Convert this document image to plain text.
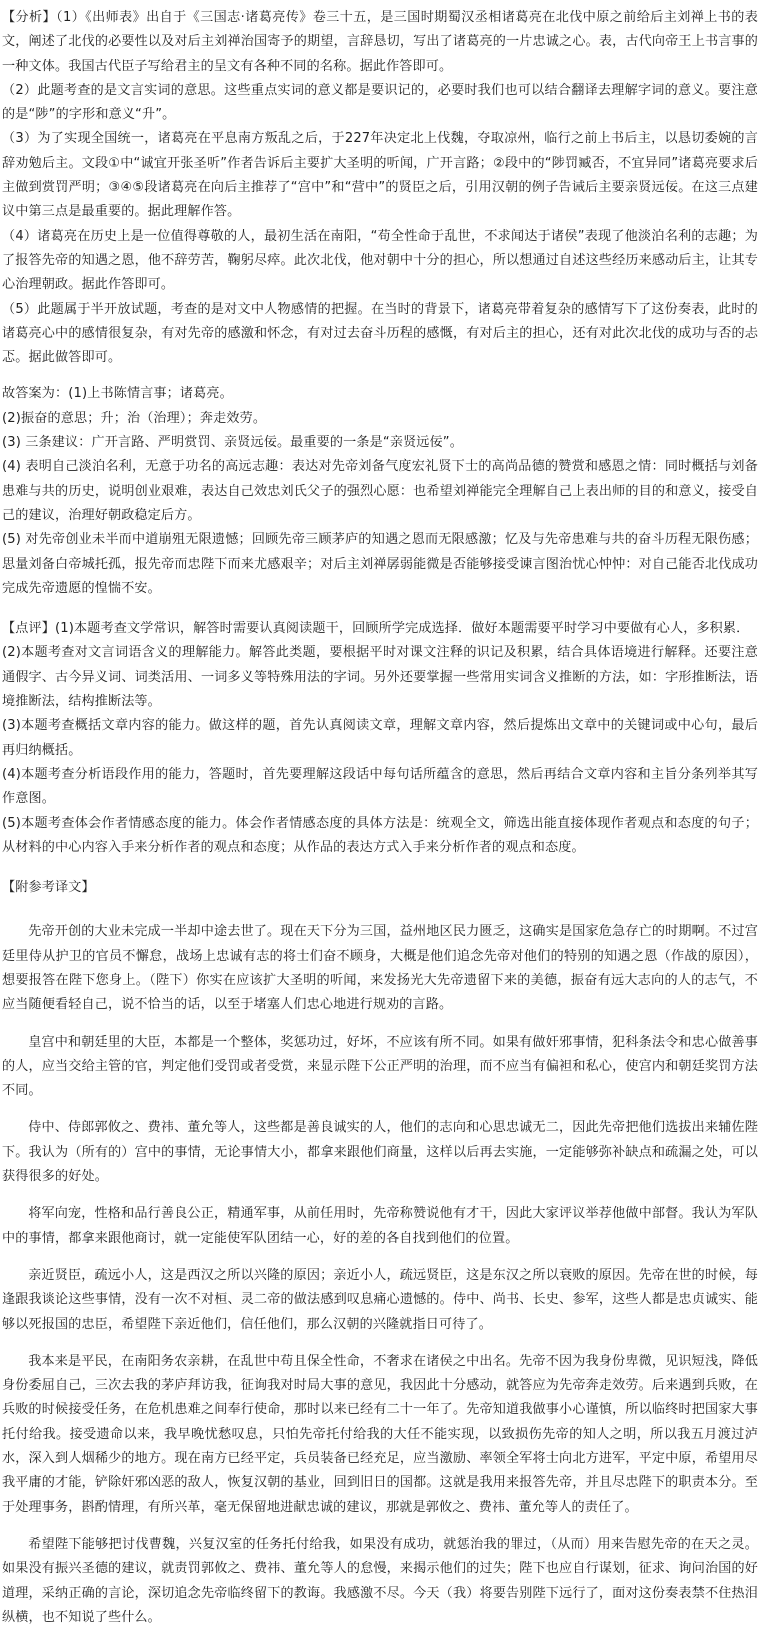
【分析】（1）《出师表》出自于《三国志·诸葛亮传》卷三十五，是三国时期蜀汉丞相诸葛亮在北伐中原之前给后主刘禅上书的表文，阐述了北伐的必要性以及对后主刘禅治国寄予的期望，言辞恳切，写出了诸葛亮的一片忠诚之心。表，古代向帝王上书言事的一种文体。我国古代臣子写给君主的呈文有各种不同的名称。据此作答即可。

（2）此题考查的是文言实词的意思。这些重点实词的意义都是要识记的，必要时我们也可以结合翻译去理解字词的意义。要注意的是“陟”的字形和意义“升”。

（3）为了实现全国统一，诸葛亮在平息南方叛乱之后，于227年决定北上伐魏，夺取凉州，临行之前上书后主，以恳切委婉的言辞劝勉后主。文段①中“诚宜开张圣听”作者告诉后主要扩大圣明的听闻，广开言路；②段中的“陟罚臧否，不宜异同”诸葛亮要求后主做到赏罚严明；③④⑤段诸葛亮在向后主推荐了“宫中”和“营中”的贤臣之后，引用汉朝的例子告诫后主要亲贤远佞。在这三点建议中第三点是最重要的。据此理解作答。

（4）诸葛亮在历史上是一位值得尊敬的人，最初生活在南阳，“苟全性命于乱世，不求闻达于诸侯”表现了他淡泊名利的志趣；为了报答先帝的知遇之恩，他不辞劳苦，鞠躬尽瘁。此次北伐，他对朝中十分的担心，所以想通过自述这些经历来感动后主，让其专心治理朝政。据此作答即可。

（5）此题属于半开放试题，考查的是对文中人物感情的把握。在当时的背景下，诸葛亮带着复杂的感情写下了这份奏表，此时的诸葛亮心中的感情很复杂，有对先帝的感激和怀念，有对过去奋斗历程的感慨，有对后主的担心，还有对此次北伐的成功与否的忐忑。据此做答即可。

故答案为：(1)上书陈情言事；诸葛亮。

(2)振奋的意思；升；治（治理）；奔走效劳。

(3) 三条建议：广开言路、严明赏罚、亲贤远佞。最重要的一条是“亲贤远佞”。

(4) 表明自己淡泊名利，无意于功名的高远志趣：表达对先帝刘备气度宏礼贤下士的高尚品德的赞赏和感恩之情：同时概括与刘备患难与共的历史，说明创业艰难，表达自己效忠刘氏父子的强烈心愿：也希望刘禅能完全理解自己上表出师的目的和意义，接受自己的建议，治理好朝政稳定后方。

(5) 对先帝创业未半而中道崩殂无限遗憾；回顾先帝三顾茅庐的知遇之恩而无限感激；忆及与先帝患难与共的奋斗历程无限伤感；思量刘备白帝城托孤，报先帝而忠陛下而来尤感艰辛；对后主刘禅孱弱能微是否能够接受谏言图治忧心忡忡：对自己能否北伐成功完成先帝遗愿的惶惴不安。

【点评】(1)本题考查文学常识，解答时需要认真阅读题干，回顾所学完成选择．做好本题需要平时学习中要做有心人，多积累．

(2)本题考查对文言词语含义的理解能力。解答此类题，要根据平时对课文注释的识记及积累，结合具体语境进行解释。还要注意通假字、古今异义词、词类活用、一词多义等特殊用法的字词。另外还要掌握一些常用实词含义推断的方法，如：字形推断法，语境推断法，结构推断法等。

(3)本题考查概括文章内容的能力。做这样的题，首先认真阅读文章，理解文章内容，然后提炼出文章中的关键词或中心句，最后再归纳概括。

(4)本题考查分析语段作用的能力，答题时，首先要理解这段话中每句话所蕴含的意思，然后再结合文章内容和主旨分条列举其写作意图。

(5)本题考查体会作者情感态度的能力。体会作者情感态度的具体方法是：统观全文，筛选出能直接体现作者观点和态度的句子；从材料的中心内容入手来分析作者的观点和态度；从作品的表达方式入手来分析作者的观点和态度。

【附参考译文】

先帝开创的大业未完成一半却中途去世了。现在天下分为三国，益州地区民力匮乏，这确实是国家危急存亡的时期啊。不过宫廷里侍从护卫的官员不懈怠，战场上忠诚有志的将士们奋不顾身，大概是他们追念先帝对他们的特别的知遇之恩（作战的原因），想要报答在陛下您身上。（陛下）你实在应该扩大圣明的听闻，来发扬光大先帝遗留下来的美德，振奋有远大志向的人的志气，不应当随便看轻自己，说不恰当的话，以至于堵塞人们忠心地进行规劝的言路。

皇宫中和朝廷里的大臣，本都是一个整体，奖惩功过，好坏，不应该有所不同。如果有做奸邪事情，犯科条法令和忠心做善事的人，应当交给主管的官，判定他们受罚或者受赏，来显示陛下公正严明的治理，而不应当有偏袒和私心，使宫内和朝廷奖罚方法不同。

侍中、侍郎郭攸之、费祎、董允等人，这些都是善良诚实的人，他们的志向和心思忠诚无二，因此先帝把他们选拔出来辅佐陛下。我认为（所有的）宫中的事情，无论事情大小，都拿来跟他们商量，这样以后再去实施，一定能够弥补缺点和疏漏之处，可以获得很多的好处。

将军向宠，性格和品行善良公正，精通军事，从前任用时，先帝称赞说他有才干，因此大家评议举荐他做中部督。我认为军队中的事情，都拿来跟他商讨，就一定能使军队团结一心，好的差的各自找到他们的位置。

亲近贤臣，疏远小人，这是西汉之所以兴隆的原因；亲近小人，疏远贤臣，这是东汉之所以衰败的原因。先帝在世的时候，每逢跟我谈论这些事情，没有一次不对桓、灵二帝的做法感到叹息痛心遗憾的。侍中、尚书、长史、参军，这些人都是忠贞诚实、能够以死报国的忠臣，希望陛下亲近他们，信任他们，那么汉朝的兴隆就指日可待了。

我本来是平民，在南阳务农亲耕，在乱世中苟且保全性命，不奢求在诸侯之中出名。先帝不因为我身份卑微，见识短浅，降低身份委屈自己，三次去我的茅庐拜访我，征询我对时局大事的意见，我因此十分感动，就答应为先帝奔走效劳。后来遇到兵败，在兵败的时候接受任务，在危机患难之间奉行使命，那时以来已经有二十一年了。先帝知道我做事小心谨慎，所以临终时把国家大事托付给我。接受遗命以来，我早晚忧愁叹息，只怕先帝托付给我的大任不能实现，以致损伤先帝的知人之明，所以我五月渡过泸水，深入到人烟稀少的地方。现在南方已经平定，兵员装备已经充足，应当激励、率领全军将士向北方进军，平定中原，希望用尽我平庸的才能，铲除奸邪凶恶的敌人，恢复汉朝的基业，回到旧日的国都。这就是我用来报答先帝，并且尽忠陛下的职责本分。至于处理事务，斟酌情理，有所兴革，毫无保留地进献忠诚的建议，那就是郭攸之、费祎、董允等人的责任了。

希望陛下能够把讨伐曹魏，兴复汉室的任务托付给我，如果没有成功，就惩治我的罪过，（从而）用来告慰先帝的在天之灵。如果没有振兴圣德的建议，就责罚郭攸之、费祎、董允等人的怠慢，来揭示他们的过失；陛下也应自行谋划，征求、询问治国的好道理，采纳正确的言论，深切追念先帝临终留下的教诲。我感激不尽。今天（我）将要告别陛下远行了，面对这份奏表禁不住热泪纵横，也不知说了些什么。
